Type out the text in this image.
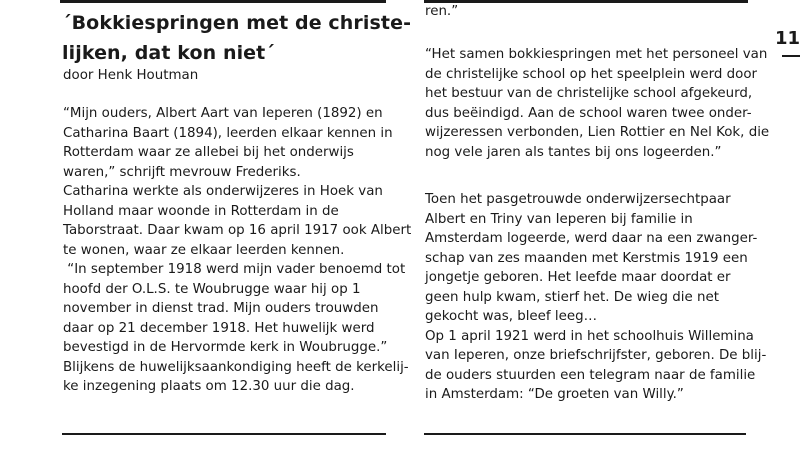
´Bokkiespringen met de christe-
lijken, dat kon niet´
door Henk Houtman

“Mijn ouders, Albert Aart van Ieperen (1892) en

Catharina Baart (1894), leerden elkaar kennen in

Rotterdam waar ze allebei bij het onderwijs

waren,” schrijft mevrouw Frederiks.

Catharina werkte als onderwijzeres in Hoek van

Holland maar woonde in Rotterdam in de

Taborstraat. Daar kwam op 16 april 1917 ook Albert

te wonen, waar ze elkaar leerden kennen.

“In september 1918 werd mijn vader benoemd tot

hoofd der O.L.S. te Woubrugge waar hij op 1

november in dienst trad. Mijn ouders trouwden

daar op 21 december 1918. Het huwelijk werd

bevestigd in de Hervormde kerk in Woubrugge.”

Blijkens de huwelijksaankondiging heeft de kerkelij-

ke inzegening plaats om 12.30 uur die dag.

ren.”

“Het samen bokkiespringen met het personeel van

de christelijke school op het speelplein werd door

het bestuur van de christelijke school afgekeurd,

dus beëindigd. Aan de school waren twee onder-

wijzeressen verbonden, Lien Rottier en Nel Kok, die

nog vele jaren als tantes bij ons logeerden.”

Toen het pasgetrouwde onderwijzersechtpaar

Albert en Triny van Ieperen bij familie in

Amsterdam logeerde, werd daar na een zwanger-

schap van zes maanden met Kerstmis 1919 een

jongetje geboren. Het leefde maar doordat er

geen hulp kwam, stierf het. De wieg die net

gekocht was, bleef leeg…

Op 1 april 1921 werd in het schoolhuis Willemina

van Ieperen, onze briefschrijfster, geboren. De blij-

de ouders stuurden een telegram naar de familie

in Amsterdam: “De groeten van Willy.”

11
